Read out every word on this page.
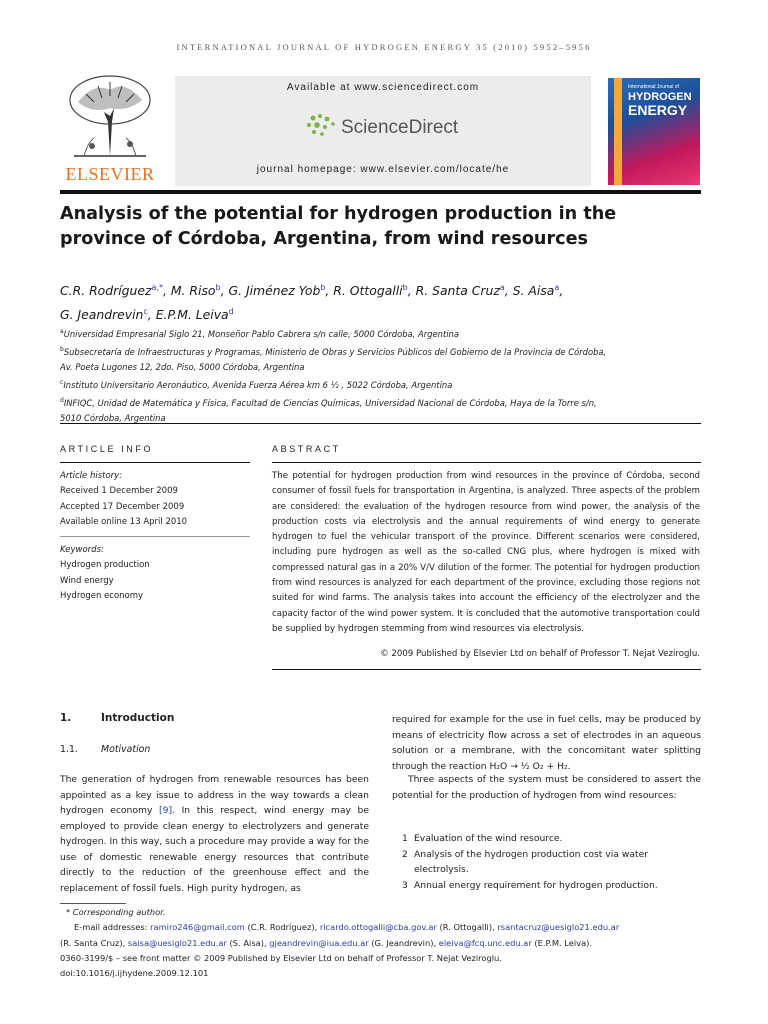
INTERNATIONAL JOURNAL OF HYDROGEN ENERGY 35 (2010) 5952–5956
ELSEVIER
Available at www.sciencedirect.com
ScienceDirect
journal homepage: www.elsevier.com/locate/he
International Journal of
HYDROGEN
ENERGY
Analysis of the potential for hydrogen production in the
province of Córdoba, Argentina, from wind resources
C.R. Rodríguez$^{a,*}$, M. Riso$^b$, G. Jiménez Yob$^b$, R. Ottogalli$^b$, R. Santa Cruz$^a$, S. Aisa$^a$,
G. Jeandrevin$^c$, E.P.M. Leiva$^d$
$^a$Universidad Empresarial Siglo 21, Monseñor Pablo Cabrera s/n calle, 5000 Córdoba, Argentina
$^b$Subsecretaría de Infraestructuras y Programas, Ministerio de Obras y Servicios Públicos del Gobierno de la Provincia de Córdoba,
Av. Poeta Lugones 12, 2do. Piso, 5000 Córdoba, Argentina
$^c$Instituto Universitario Aeronáutico, Avenida Fuerza Aérea km 6 ½ , 5022 Córdoba, Argentina
$^d$INFIQC, Unidad de Matemática y Física, Facultad de Ciencias Químicas, Universidad Nacional de Córdoba, Haya de la Torre s/n,
5010 Córdoba, Argentina
ARTICLE INFO
Article history:
Received 1 December 2009
Accepted 17 December 2009
Available online 13 April 2010
Keywords:
Hydrogen production
Wind energy
Hydrogen economy
ABSTRACT
The potential for hydrogen production from wind resources in the province of Córdoba, second consumer of fossil fuels for transportation in Argentina, is analyzed. Three aspects of the problem are considered: the evaluation of the hydrogen resource from wind power, the analysis of the production costs via electrolysis and the annual requirements of wind energy to generate hydrogen to fuel the vehicular transport of the province. Different scenarios were considered, including pure hydrogen as well as the so-called CNG plus, where hydrogen is mixed with compressed natural gas in a 20% V/V dilution of the former. The potential for hydrogen production from wind resources is analyzed for each department of the province, excluding those regions not suited for wind farms. The analysis takes into account the efficiency of the electrolyzer and the capacity factor of the wind power system. It is concluded that the automotive transportation could be supplied by hydrogen stemming from wind resources via electrolysis.
© 2009 Published by Elsevier Ltd on behalf of Professor T. Nejat Veziroglu.
1.	Introduction
1.1. Motivation
The generation of hydrogen from renewable resources has been appointed as a key issue to address in the way towards a clean hydrogen economy [9]. In this respect, wind energy may be employed to provide clean energy to electrolyzers and generate hydrogen. In this way, such a procedure may provide a way for the use of domestic renewable energy resources that contribute directly to the reduction of the greenhouse effect and the replacement of fossil fuels. High purity hydrogen, as
required for example for the use in fuel cells, may be produced by means of electricity flow across a set of electrodes in an aqueous solution or a membrane, with the concomitant water splitting through the reaction H₂O → ½ O₂ + H₂.
Three aspects of the system must be considered to assert the potential for the production of hydrogen from wind resources:
1 Evaluation of the wind resource.
2 Analysis of the hydrogen production cost via water electrolysis.
3 Annual energy requirement for hydrogen production.
* Corresponding author.
E-mail addresses: ramiro246@gmail.com (C.R. Rodríguez), ricardo.ottogalli@cba.gov.ar (R. Ottogalli), rsantacruz@uesiglo21.edu.ar
(R. Santa Cruz), saisa@uesiglo21.edu.ar (S. Aisa), gjeandrevin@iua.edu.ar (G. Jeandrevin), eleiva@fcq.unc.edu.ar (E.P.M. Leiva).
0360-3199/$ – see front matter © 2009 Published by Elsevier Ltd on behalf of Professor T. Nejat Veziroglu.
doi:10.1016/j.ijhydene.2009.12.101
